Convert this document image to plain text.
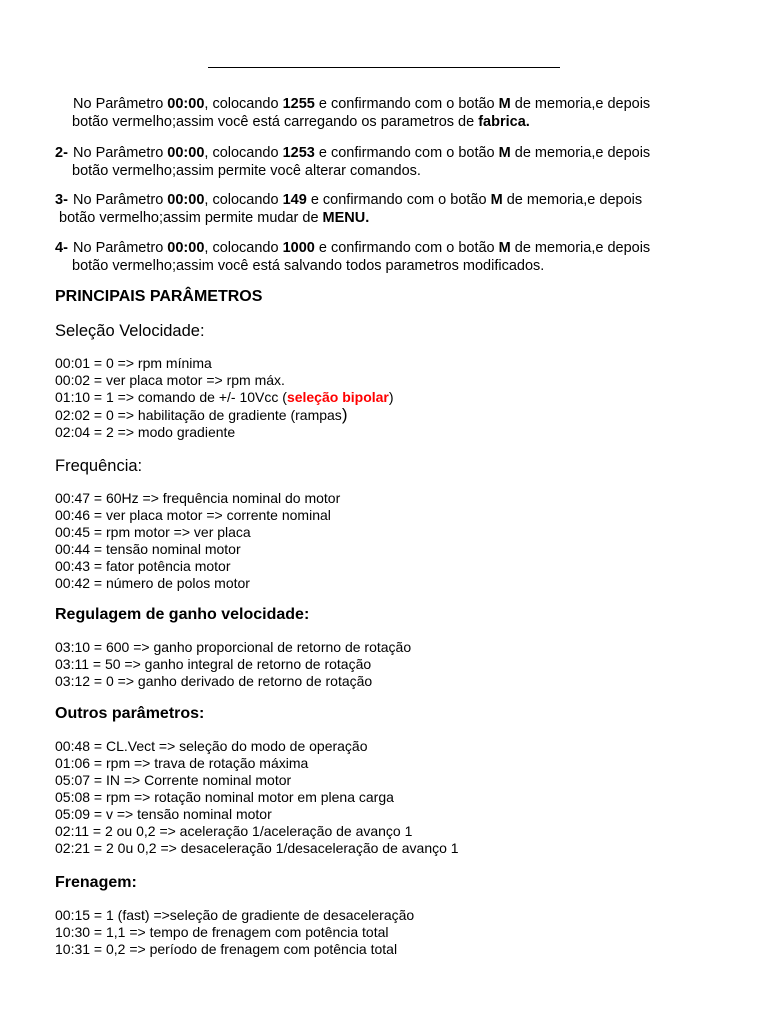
No Parâmetro 00:00, colocando 1255 e confirmando com o botão M de memoria,e depois
botão vermelho;assim você está carregando os parametros de fabrica.
2- No Parâmetro 00:00, colocando 1253 e confirmando com o botão M de memoria,e depois
botão vermelho;assim permite você alterar comandos.
3- No Parâmetro 00:00, colocando 149 e confirmando com o botão M de memoria,e depois
botão vermelho;assim permite mudar de MENU.
4- No Parâmetro 00:00, colocando 1000 e confirmando com o botão M de memoria,e depois
botão vermelho;assim você está salvando todos parametros modificados.
PRINCIPAIS PARÂMETROS
Seleção Velocidade:
00:01 = 0 => rpm mínima
00:02 = ver placa motor => rpm máx.
01:10 = 1 => comando de +/- 10Vcc (seleção bipolar)
02:02 = 0 => habilitação de gradiente (rampas)
02:04 = 2 => modo gradiente
Frequência:
00:47 = 60Hz => frequência nominal do motor
00:46 = ver placa motor => corrente nominal
00:45 = rpm motor => ver placa
00:44 = tensão nominal motor
00:43 = fator potência motor
00:42 = número de polos motor
Regulagem de ganho velocidade:
03:10 = 600 => ganho proporcional de retorno de rotação
03:11 = 50 => ganho integral de retorno de rotação
03:12 = 0 => ganho derivado de retorno de rotação
Outros parâmetros:
00:48 = CL.Vect => seleção do modo de operação
01:06 = rpm => trava de rotação máxima
05:07 = IN => Corrente nominal motor
05:08 = rpm => rotação nominal motor em plena carga
05:09 = v => tensão nominal motor
02:11 = 2 ou 0,2 => aceleração 1/aceleração de avanço 1
02:21 = 2 0u 0,2 => desaceleração 1/desaceleração de avanço 1
Frenagem:
00:15 = 1 (fast) =>seleção de gradiente de desaceleração
10:30 = 1,1 => tempo de frenagem com potência total
10:31 = 0,2 => período de frenagem com potência total
